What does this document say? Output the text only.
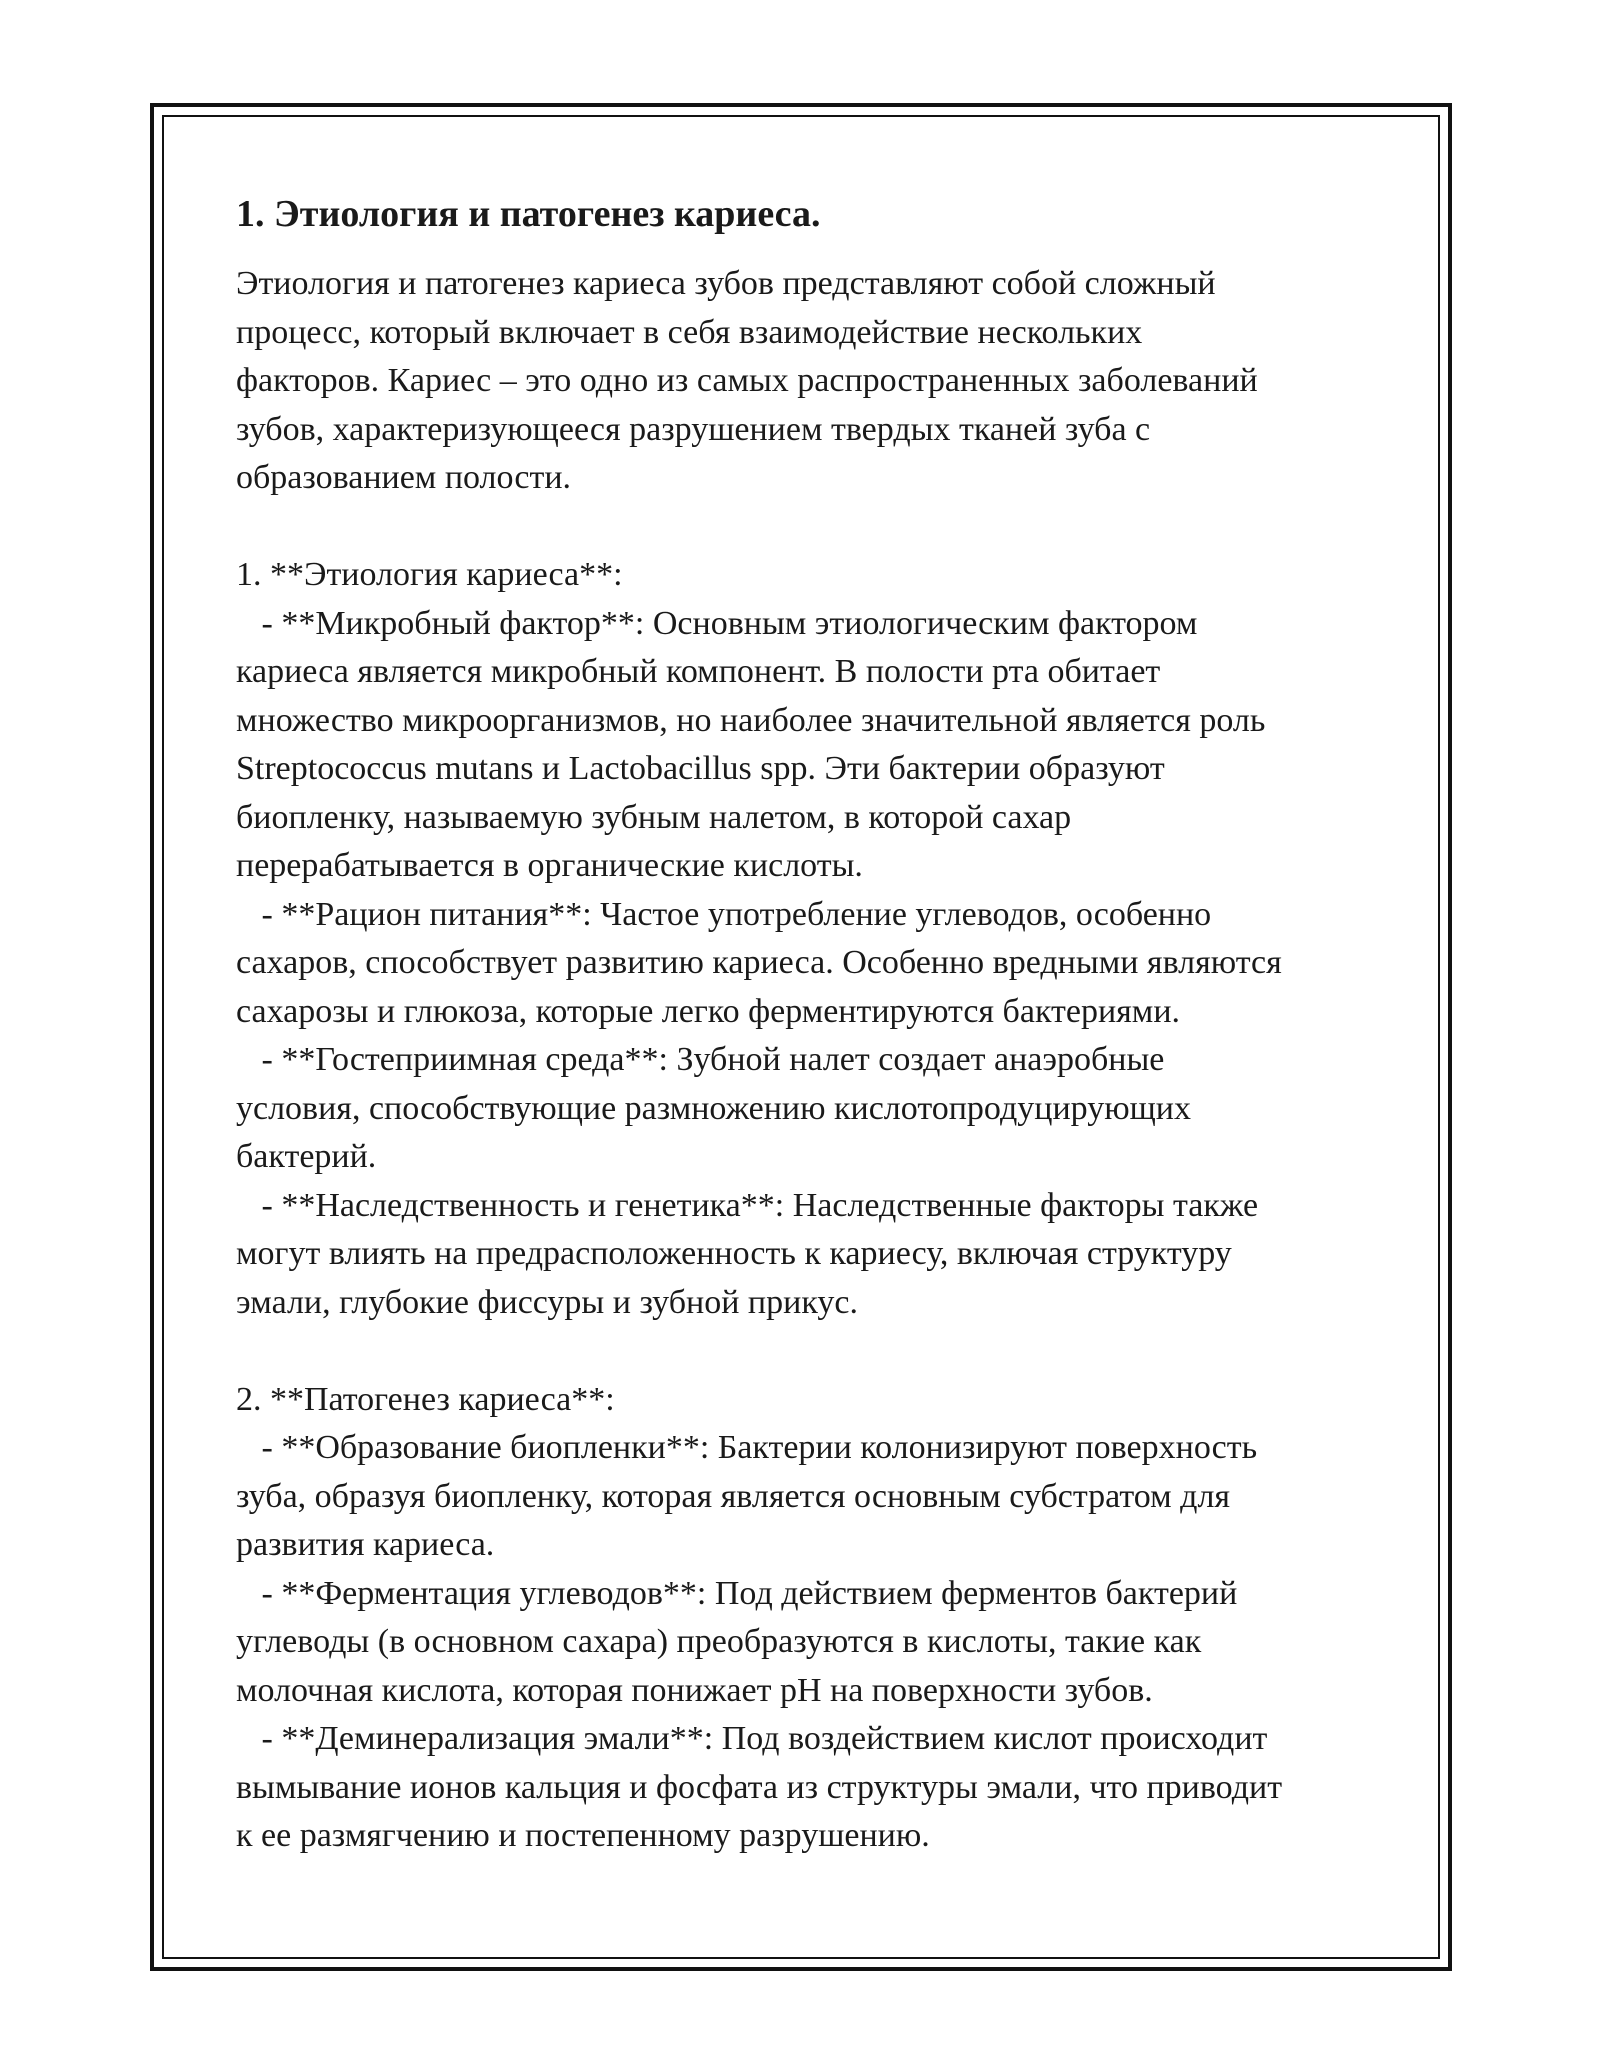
1. Этиология и патогенез кариеса.
Этиология и патогенез кариеса зубов представляют собой сложный
процесс, который включает в себя взаимодействие нескольких
факторов. Кариес – это одно из самых распространенных заболеваний
зубов, характеризующееся разрушением твердых тканей зуба с
образованием полости.
1. **Этиология кариеса**:
- **Микробный фактор**: Основным этиологическим фактором
кариеса является микробный компонент. В полости рта обитает
множество микроорганизмов, но наиболее значительной является роль
Streptococcus mutans и Lactobacillus spp. Эти бактерии образуют
биопленку, называемую зубным налетом, в которой сахар
перерабатывается в органические кислоты.
- **Рацион питания**: Частое употребление углеводов, особенно
сахаров, способствует развитию кариеса. Особенно вредными являются
сахарозы и глюкоза, которые легко ферментируются бактериями.
- **Гостеприимная среда**: Зубной налет создает анаэробные
условия, способствующие размножению кислотопродуцирующих
бактерий.
- **Наследственность и генетика**: Наследственные факторы также
могут влиять на предрасположенность к кариесу, включая структуру
эмали, глубокие фиссуры и зубной прикус.
2. **Патогенез кариеса**:
- **Образование биопленки**: Бактерии колонизируют поверхность
зуба, образуя биопленку, которая является основным субстратом для
развития кариеса.
- **Ферментация углеводов**: Под действием ферментов бактерий
углеводы (в основном сахара) преобразуются в кислоты, такие как
молочная кислота, которая понижает pH на поверхности зубов.
- **Деминерализация эмали**: Под воздействием кислот происходит
вымывание ионов кальция и фосфата из структуры эмали, что приводит
к ее размягчению и постепенному разрушению.
